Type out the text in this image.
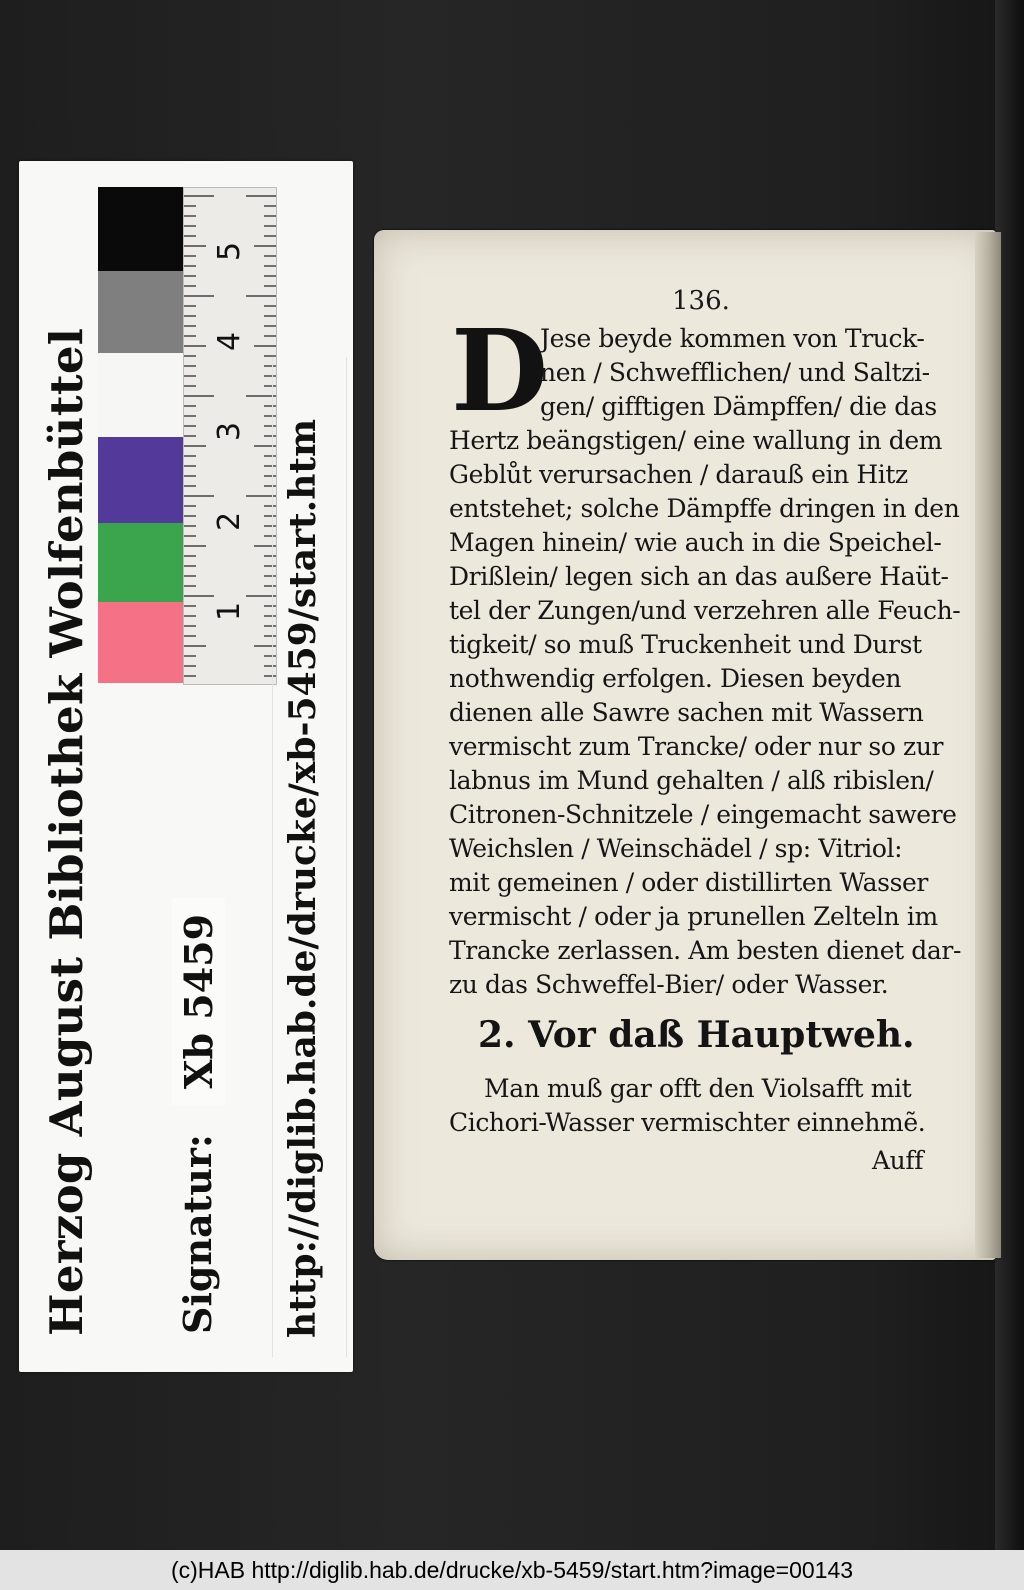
5
4
3
2
1
Herzog August Bibliothek Wolfenbüttel Signatur:
Xb 5459 http://diglib.hab.de/drucke/xb-5459/start.htm
136.
D
Jese beyde kommen von Truck-
nen / Schwefflichen/ und Saltzi-
gen/ gifftigen Dämpffen/ die das
Hertz beängstigen/ eine wallung in dem
Geblůt verursachen / darauß ein Hitz
entstehet; solche Dämpffe dringen in den
Magen hinein/ wie auch in die Speichel-
Drißlein/ legen sich an das außere Haüt-
tel der Zungen/und verzehren alle Feuch-
tigkeit/ so muß Truckenheit und Durst
nothwendig erfolgen. Diesen beyden
dienen alle Sawre sachen mit Wassern
vermischt zum Trancke/ oder nur so zur
labnus im Mund gehalten / alß ribislen/
Citronen-Schnitzele / eingemacht sawere
Weichslen / Weinschädel / sp: Vitriol:
mit gemeinen / oder distillirten Wasser
vermischt / oder ja prunellen Zelteln im
Trancke zerlassen. Am besten dienet dar-
zu das Schweffel-Bier/ oder Wasser.
2. Vor daß Hauptweh.
Man muß gar offt den Violsafft mit
Cichori-Wasser vermischter einnehmẽ.
Auff
(c)HAB http://diglib.hab.de/drucke/xb-5459/start.htm?image=00143
